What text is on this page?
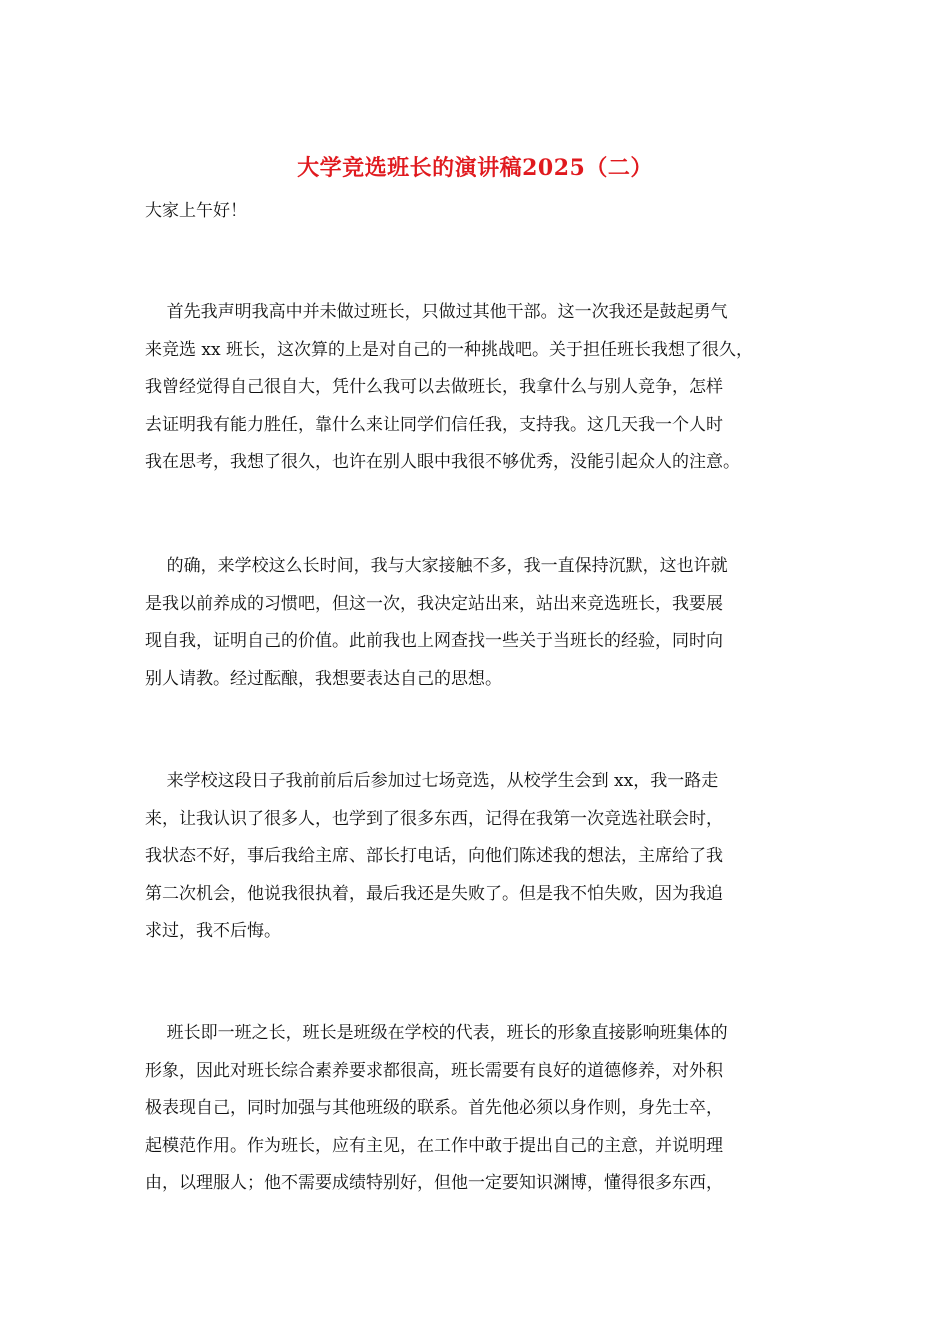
大学竞选班长的演讲稿2025（二）
大家上午好！
首先我声明我高中并未做过班长，只做过其他干部。这一次我还是鼓起勇气
来竞选 xx 班长，这次算的上是对自己的一种挑战吧。关于担任班长我想了很久，
我曾经觉得自己很自大，凭什么我可以去做班长，我拿什么与别人竞争，怎样
去证明我有能力胜任，靠什么来让同学们信任我，支持我。这几天我一个人时
我在思考，我想了很久，也许在别人眼中我很不够优秀，没能引起众人的注意。
的确，来学校这么长时间，我与大家接触不多，我一直保持沉默，这也许就
是我以前养成的习惯吧，但这一次，我决定站出来，站出来竞选班长，我要展
现自我，证明自己的价值。此前我也上网查找一些关于当班长的经验，同时向
别人请教。经过酝酿，我想要表达自己的思想。
来学校这段日子我前前后后参加过七场竞选，从校学生会到 xx，我一路走
来，让我认识了很多人，也学到了很多东西，记得在我第一次竞选社联会时，
我状态不好，事后我给主席、部长打电话，向他们陈述我的想法，主席给了我
第二次机会，他说我很执着，最后我还是失败了。但是我不怕失败，因为我追
求过，我不后悔。
班长即一班之长，班长是班级在学校的代表，班长的形象直接影响班集体的
形象，因此对班长综合素养要求都很高，班长需要有良好的道德修养，对外积
极表现自己，同时加强与其他班级的联系。首先他必须以身作则，身先士卒，
起模范作用。作为班长，应有主见，在工作中敢于提出自己的主意，并说明理
由，以理服人；他不需要成绩特别好，但他一定要知识渊博，懂得很多东西，
